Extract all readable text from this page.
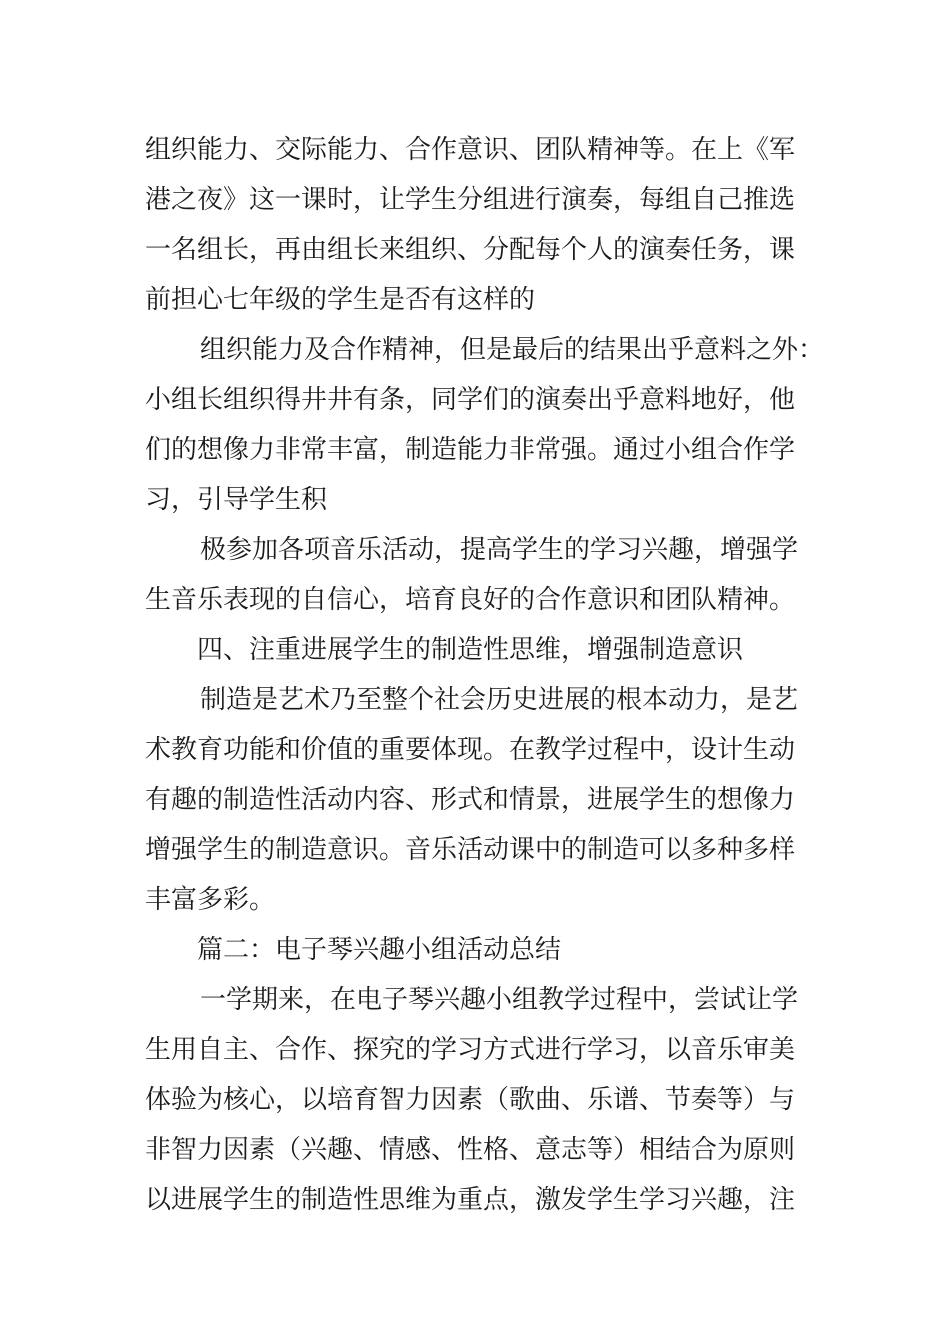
组织能力、交际能力、合作意识、团队精神等。在上《军
港之夜》这一课时，让学生分组进行演奏，每组自己推选
一名组长，再由组长来组织、分配每个人的演奏任务，课
前担心七年级的学生是否有这样的
组织能力及合作精神，但是最后的结果出乎意料之外：
小组长组织得井井有条，同学们的演奏出乎意料地好，他
们的想像力非常丰富，制造能力非常强。通过小组合作学
习，引导学生积
极参加各项音乐活动，提高学生的学习兴趣，增强学
生音乐表现的自信心，培育良好的合作意识和团队精神。
四、注重进展学生的制造性思维，增强制造意识
制造是艺术乃至整个社会历史进展的根本动力，是艺
术教育功能和价值的重要体现。在教学过程中，设计生动
有趣的制造性活动内容、形式和情景，进展学生的想像力
增强学生的制造意识。音乐活动课中的制造可以多种多样
丰富多彩。
篇二：电子琴兴趣小组活动总结
一学期来，在电子琴兴趣小组教学过程中，尝试让学
生用自主、合作、探究的学习方式进行学习，以音乐审美
体验为核心，以培育智力因素（歌曲、乐谱、节奏等）与
非智力因素（兴趣、情感、性格、意志等）相结合为原则
以进展学生的制造性思维为重点，激发学生学习兴趣，注
